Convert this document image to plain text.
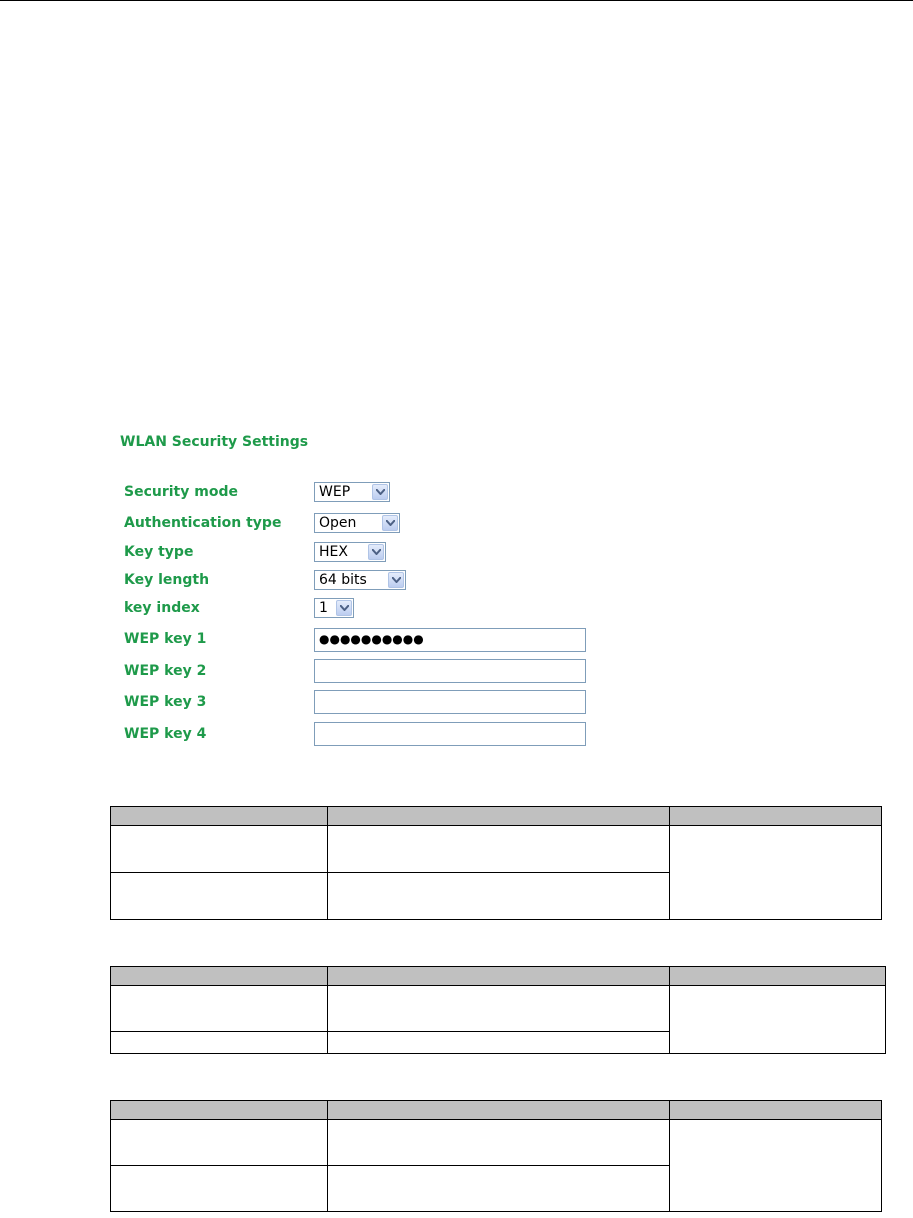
WLAN Security Settings
Security mode	WEP
Authentication type	Open
Key type	HEX
Key length	64 bits
key index	1
WEP key 1	●●●●●●●●●●
WEP key 2
WEP key 3
WEP key 4
